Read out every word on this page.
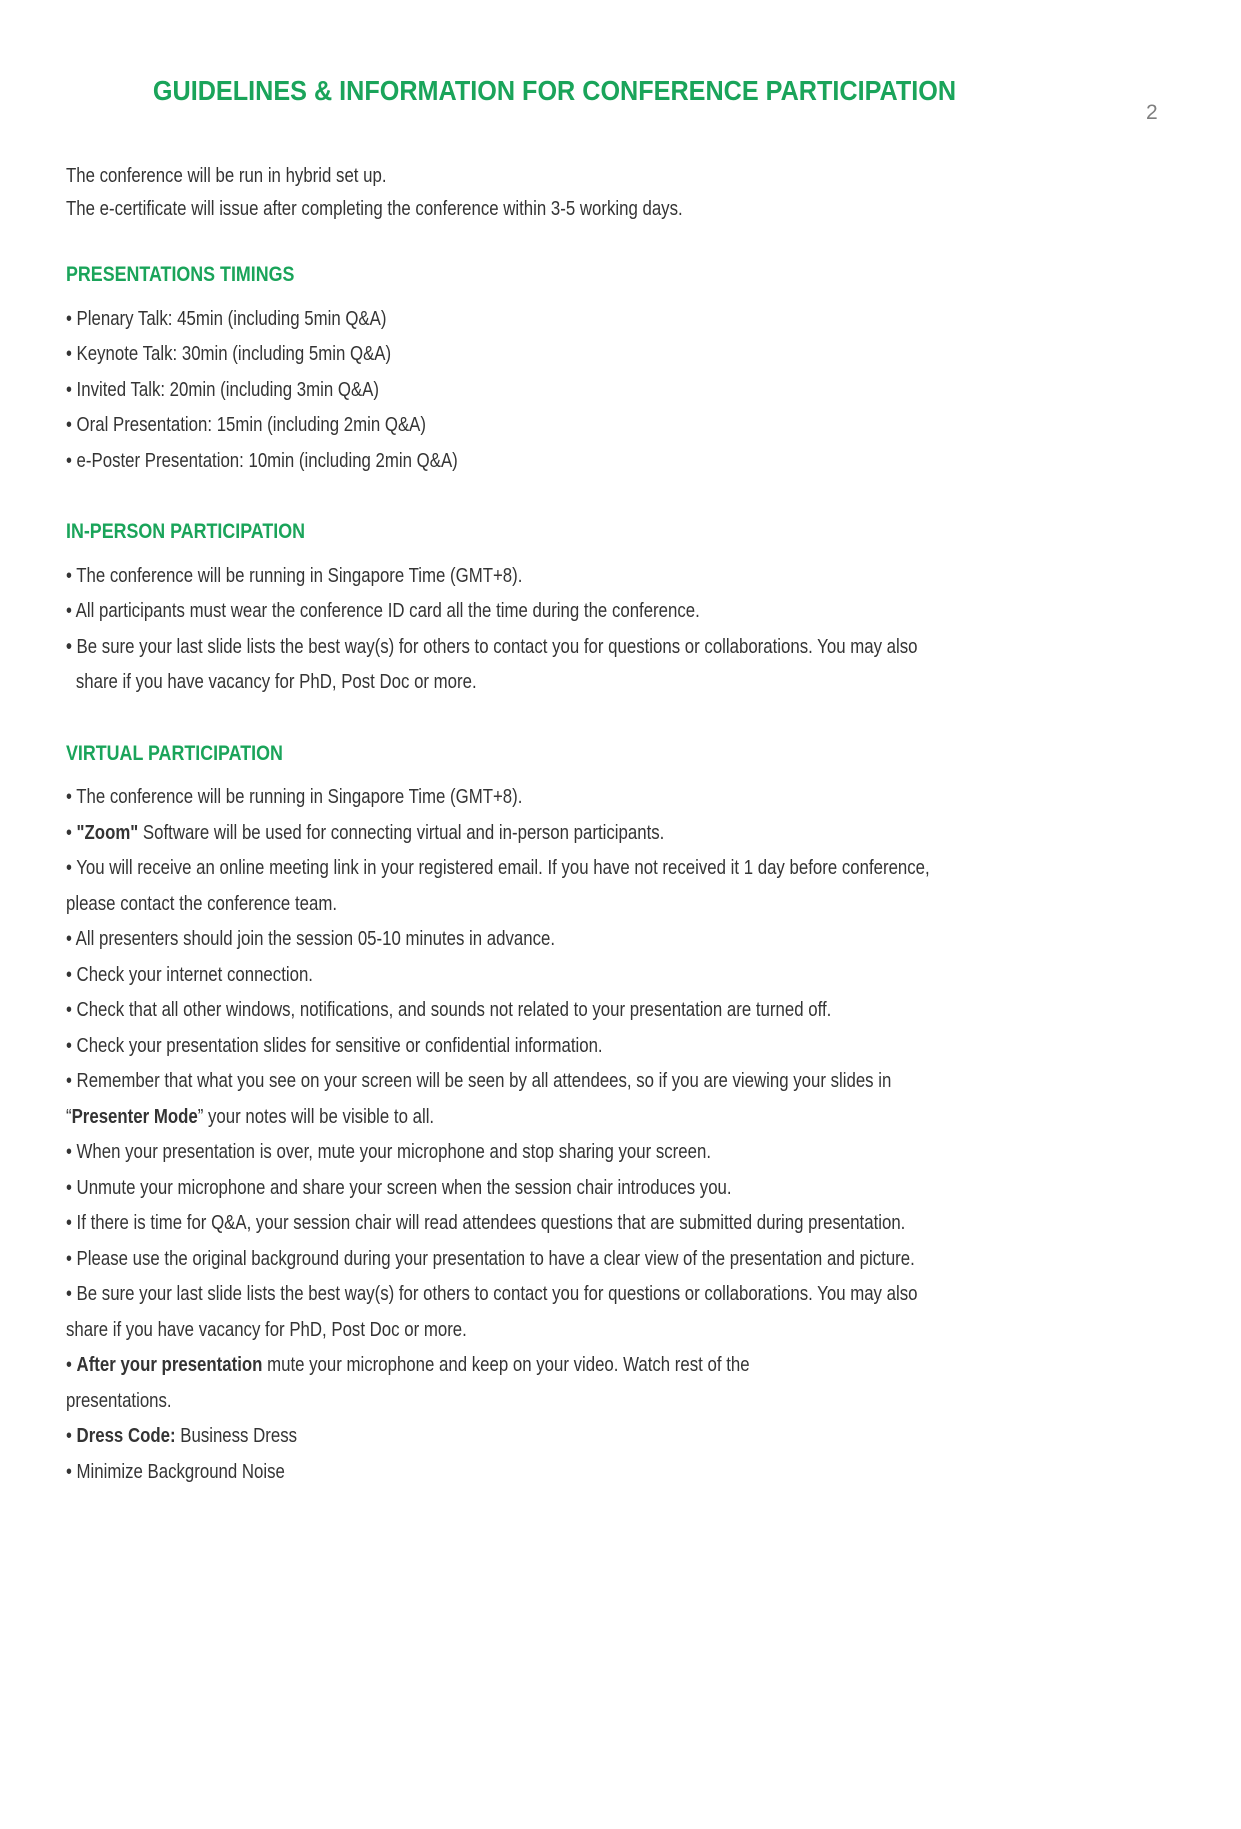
2
GUIDELINES & INFORMATION FOR CONFERENCE PARTICIPATION
The conference will be run in hybrid set up.
The e-certificate will issue after completing the conference within 3-5 working days.
PRESENTATIONS TIMINGS
• Plenary Talk: 45min (including 5min Q&A)
• Keynote Talk: 30min (including 5min Q&A)
• Invited Talk: 20min (including 3min Q&A)
• Oral Presentation: 15min (including 2min Q&A)
• e-Poster Presentation: 10min (including 2min Q&A)
IN-PERSON PARTICIPATION
• The conference will be running in Singapore Time (GMT+8).
• All participants must wear the conference ID card all the time during the conference.
• Be sure your last slide lists the best way(s) for others to contact you for questions or collaborations. You may also
share if you have vacancy for PhD, Post Doc or more.
VIRTUAL PARTICIPATION
• The conference will be running in Singapore Time (GMT+8).
• "Zoom" Software will be used for connecting virtual and in-person participants.
• You will receive an online meeting link in your registered email. If you have not received it 1 day before conference,
please contact the conference team.
• All presenters should join the session 05-10 minutes in advance.
• Check your internet connection.
• Check that all other windows, notifications, and sounds not related to your presentation are turned off.
• Check your presentation slides for sensitive or confidential information.
• Remember that what you see on your screen will be seen by all attendees, so if you are viewing your slides in
“Presenter Mode” your notes will be visible to all.
• When your presentation is over, mute your microphone and stop sharing your screen.
• Unmute your microphone and share your screen when the session chair introduces you.
• If there is time for Q&A, your session chair will read attendees questions that are submitted during presentation.
• Please use the original background during your presentation to have a clear view of the presentation and picture.
• Be sure your last slide lists the best way(s) for others to contact you for questions or collaborations. You may also
share if you have vacancy for PhD, Post Doc or more.
• After your presentation mute your microphone and keep on your video. Watch rest of the
presentations.
• Dress Code: Business Dress
• Minimize Background Noise
